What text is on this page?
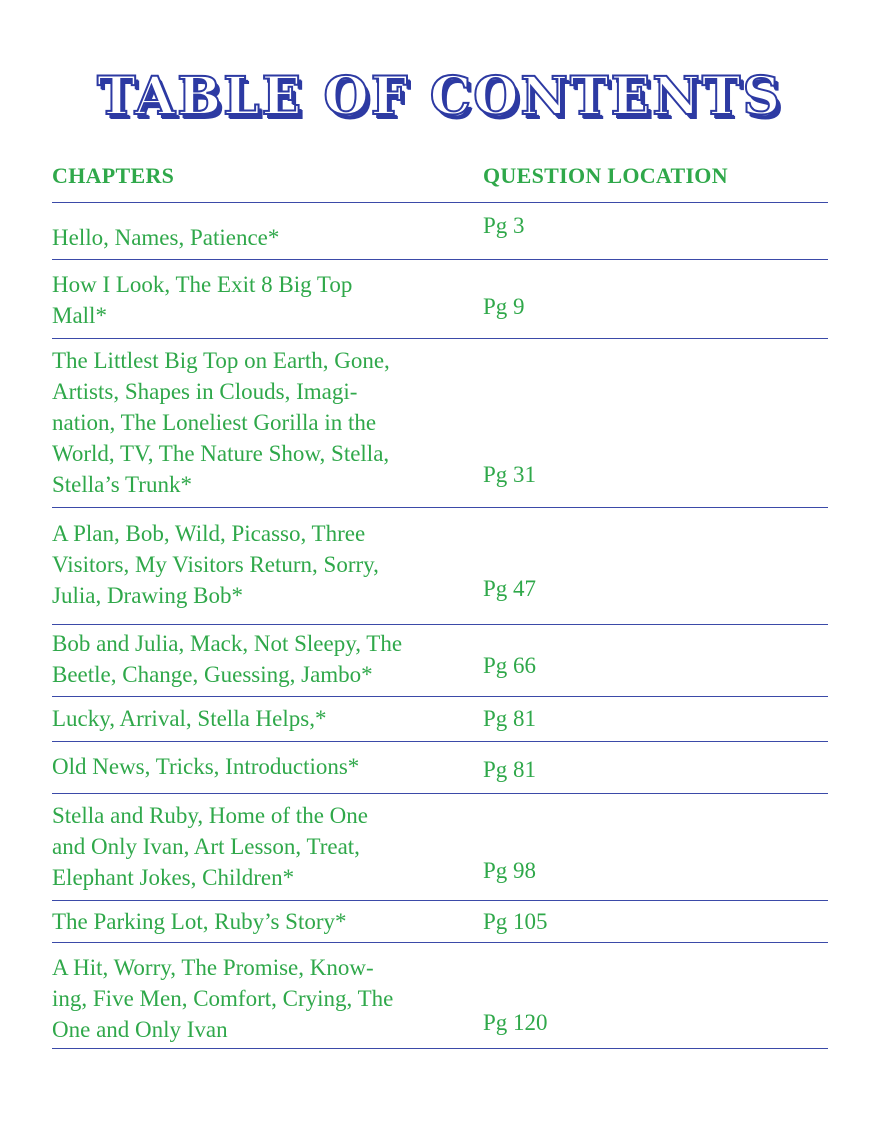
TABLE OF CONTENTS
CHAPTERS	QUESTION LOCATION
Hello, Names, Patience*	Pg 3
How I Look, The Exit 8 Big Top
Mall*	Pg 9
The Littlest Big Top on Earth, Gone,
Artists, Shapes in Clouds, Imagi-
nation, The Loneliest Gorilla in the
World, TV, The Nature Show, Stella,
Stella’s Trunk*	Pg 31
A Plan, Bob, Wild, Picasso, Three
Visitors, My Visitors Return, Sorry,
Julia, Drawing Bob*	Pg 47
Bob and Julia, Mack, Not Sleepy, The
Beetle, Change, Guessing, Jambo*	Pg 66
Lucky, Arrival, Stella Helps,*	Pg 81
Old News, Tricks, Introductions*	Pg 81
Stella and Ruby, Home of the One
and Only Ivan, Art Lesson, Treat,
Elephant Jokes, Children*	Pg 98
The Parking Lot, Ruby’s Story*	Pg 105
A Hit, Worry, The Promise, Know-
ing, Five Men, Comfort, Crying, The
One and Only Ivan	Pg 120
